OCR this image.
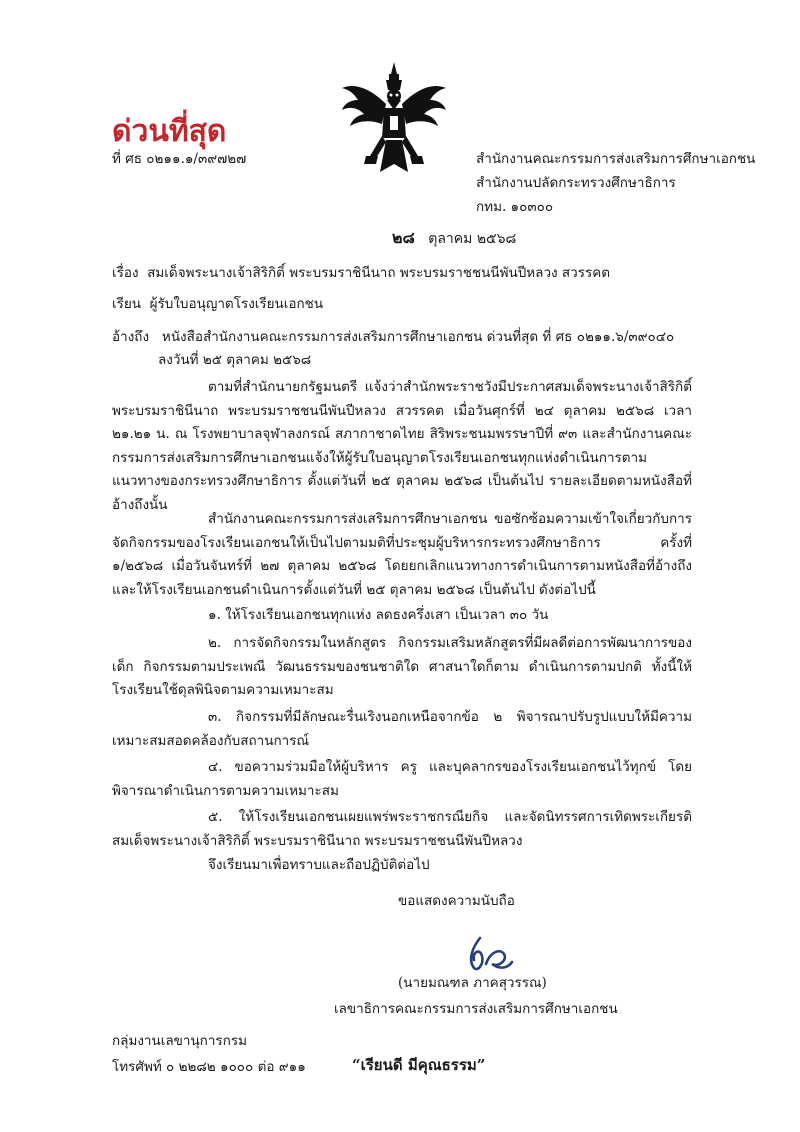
ด่วนที่สุด
ที่ ศธ ๐๒๑๑.๑/๓๙๗๒๗	สำนักงานคณะกรรมการส่งเสริมการศึกษาเอกชน
สำนักงานปลัดกระทรวงศึกษาธิการ
กทม. ๑๐๓๐๐
๒๘ ตุลาคม ๒๕๖๘
เรื่อง สมเด็จพระนางเจ้าสิริกิติ์ พระบรมราชินีนาถ พระบรมราชชนนีพันปีหลวง สวรรคต
เรียน ผู้รับใบอนุญาตโรงเรียนเอกชน
อ้างถึง หนังสือสำนักงานคณะกรรมการส่งเสริมการศึกษาเอกชน ด่วนที่สุด ที่ ศธ ๐๒๑๑.๖/๓๙๐๔๐
ลงวันที่ ๒๕ ตุลาคม ๒๕๖๘

ตามที่สำนักนายกรัฐมนตรี แจ้งว่าสำนักพระราชวังมีประกาศสมเด็จพระนางเจ้าสิริกิติ์ พระบรมราชินีนาถ พระบรมราชชนนีพันปีหลวง สวรรคต เมื่อวันศุกร์ที่ ๒๔ ตุลาคม ๒๕๖๘ เวลา ๒๑.๒๑ น. ณ โรงพยาบาลจุฬาลงกรณ์ สภากาชาดไทย สิริพระชนมพรรษาปีที่ ๙๓ และสำนักงานคณะกรรมการส่งเสริมการศึกษาเอกชนแจ้งให้ผู้รับใบอนุญาตโรงเรียนเอกชนทุกแห่งดำเนินการตามแนวทางของกระทรวงศึกษาธิการ ตั้งแต่วันที่ ๒๕ ตุลาคม ๒๕๖๘ เป็นต้นไป รายละเอียดตามหนังสือที่อ้างถึงนั้น

สำนักงานคณะกรรมการส่งเสริมการศึกษาเอกชน ขอซักซ้อมความเข้าใจเกี่ยวกับการจัดกิจกรรมของโรงเรียนเอกชนให้เป็นไปตามมติที่ประชุมผู้บริหารกระทรวงศึกษาธิการ ครั้งที่ ๑/๒๕๖๘ เมื่อวันจันทร์ที่ ๒๗ ตุลาคม ๒๕๖๘ โดยยกเลิกแนวทางการดำเนินการตามหนังสือที่อ้างถึง และให้โรงเรียนเอกชนดำเนินการตั้งแต่วันที่ ๒๕ ตุลาคม ๒๕๖๘ เป็นต้นไป ดังต่อไปนี้

๑. ให้โรงเรียนเอกชนทุกแห่ง ลดธงครึ่งเสา เป็นเวลา ๓๐ วัน

๒. การจัดกิจกรรมในหลักสูตร กิจกรรมเสริมหลักสูตรที่มีผลดีต่อการพัฒนาการของเด็ก กิจกรรมตามประเพณี วัฒนธรรมของชนชาติใด ศาสนาใดก็ตาม ดำเนินการตามปกติ ทั้งนี้ให้โรงเรียนใช้ดุลพินิจตามความเหมาะสม

๓. กิจกรรมที่มีลักษณะรื่นเริงนอกเหนือจากข้อ ๒ พิจารณาปรับรูปแบบให้มีความเหมาะสมสอดคล้องกับสถานการณ์

๔. ขอความร่วมมือให้ผู้บริหาร ครู และบุคลากรของโรงเรียนเอกชนไว้ทุกข์ โดยพิจารณาดำเนินการตามความเหมาะสม

๕. ให้โรงเรียนเอกชนเผยแพร่พระราชกรณียกิจ และจัดนิทรรศการเทิดพระเกียรติ สมเด็จพระนางเจ้าสิริกิติ์ พระบรมราชินีนาถ พระบรมราชชนนีพันปีหลวง

จึงเรียนมาเพื่อทราบและถือปฏิบัติต่อไป
ขอแสดงความนับถือ
(นายมณฑล ภาคสุวรรณ)
เลขาธิการคณะกรรมการส่งเสริมการศึกษาเอกชน
กลุ่มงานเลขานุการกรม
โทรศัพท์ ๐ ๒๒๘๒ ๑๐๐๐ ต่อ ๙๑๑	“เรียนดี มีคุณธรรม”
